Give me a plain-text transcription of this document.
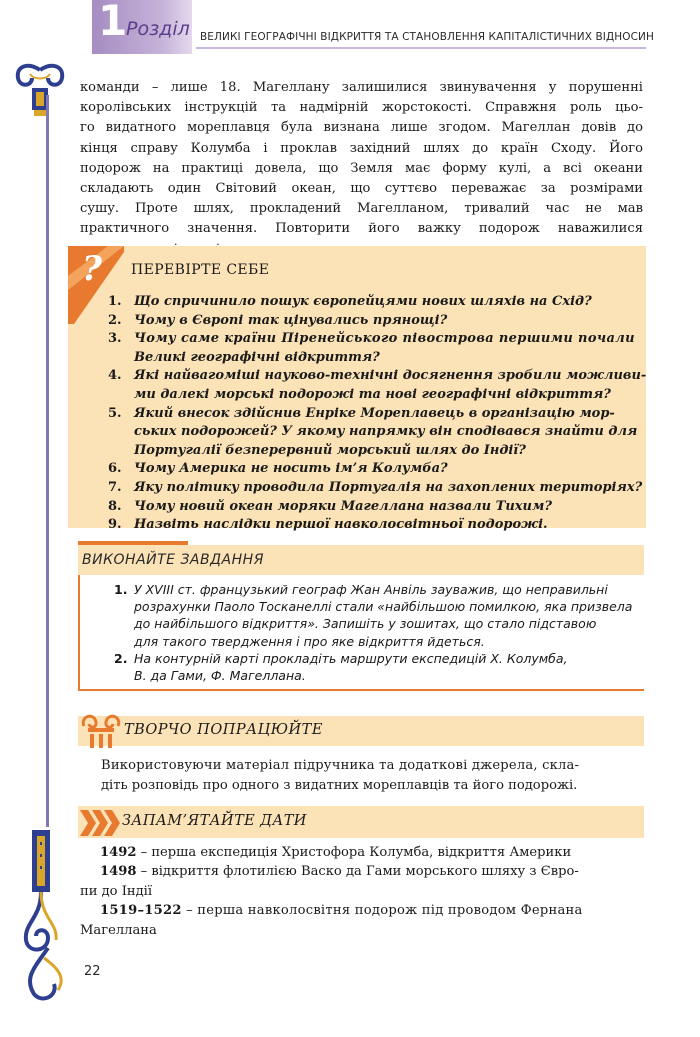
1
Розділ ВЕЛИКІ ГЕОГРАФІЧНІ ВІДКРИТТЯ ТА СТАНОВЛЕННЯ КАПІТАЛІСТИЧНИХ ВІДНОСИН
команди – лише 18. Магеллану залишилися звинувачення у порушенні
королівських інструкцій та надмірній жорстокості. Справжня роль цьо-
го видатного мореплавця була визнана лише згодом. Магеллан довів до
кінця справу Колумба і проклав західний шлях до країн Сходу. Його
подорож на практиці довела, що Земля має форму кулі, а всі океани
складають один Світовий океан, що суттєво переважає за розмірами
сушу. Проте шлях, прокладений Магелланом, тривалий час не мав
практичного значення. Повторити його важку подорож наважилися
? ПЕРЕВІРТЕ СЕБЕ
1. Що спричинило пошук європейцями нових шляхів на Схід?
2. Чому в Європі так цінувались прянощі?
3. Чому саме країни Піренейського півострова першими почали
Великі географічні відкриття?
4. Які найвагоміші науково-технічні досягнення зробили можливи-
ми далекі морські подорожі та нові географічні відкриття?
5. Який внесок здійснив Енріке Мореплавець в організацію мор-
ських подорожей? У якому напрямку він сподівався знайти для
Португалії безперервний морський шлях до Індії?
6. Чому Америка не носить ім’я Колумба?
7. Яку політику проводила Португалія на захоплених територіях?
8. Чому новий океан моряки Магеллана назвали Тихим?
9. Назвіть наслідки першої навколосвітньої подорожі.
ВИКОНАЙТЕ ЗАВДАННЯ
1. У XVIII ст. французький географ Жан Анвіль зауважив, що неправильні
розрахунки Паоло Тосканеллі стали «найбільшою помилкою, яка призвела
до найбільшого відкриття». Запишіть у зошитах, що стало підставою
для такого твердження і про яке відкриття йдеться.
2. На контурній карті прокладіть маршрути експедицій Х. Колумба,
В. да Гами, Ф. Магеллана.
ТВОРЧО ПОПРАЦЮЙТЕ
Використовуючи матеріал підручника та додаткові джерела, скла-
діть розповідь про одного з видатних мореплавців та його подорожі.
ЗАПАМ’ЯТАЙТЕ ДАТИ
1492 – перша експедиція Христофора Колумба, відкриття Америки
1498 – відкриття флотилією Васко да Гами морського шляху з Євро-
пи до Індії
1519–1522 – перша навколосвітня подорож під проводом Фернана
Магеллана
22
